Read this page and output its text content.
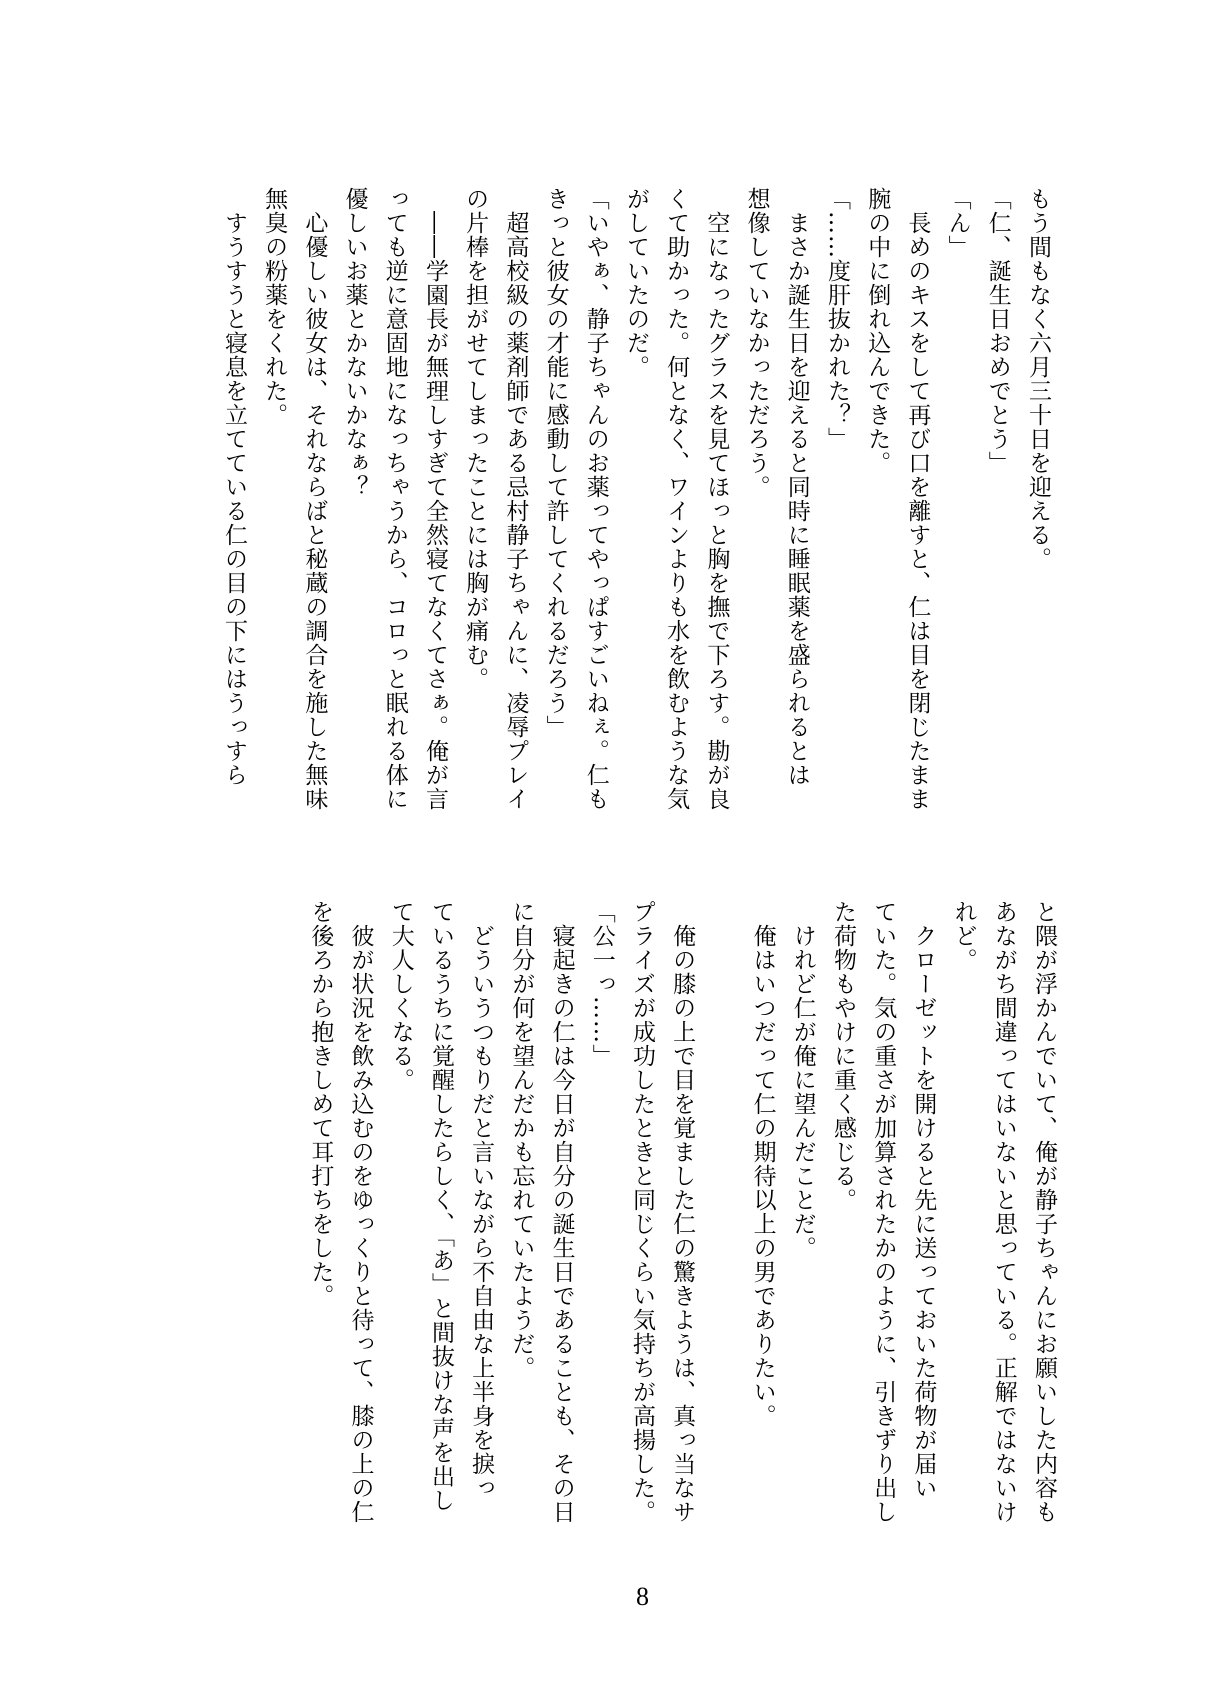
もう間もなく六月三十日を迎える。
「仁、誕生日おめでとう」
「ん」
　長めのキスをして再び口を離すと、仁は目を閉じたまま
腕の中に倒れ込んできた。
「……度肝抜かれた？」
　まさか誕生日を迎えると同時に睡眠薬を盛られるとは
想像していなかっただろう。
　空になったグラスを見てほっと胸を撫で下ろす。勘が良
くて助かった。何となく、ワインよりも水を飲むような気
がしていたのだ。
「いやぁ、静子ちゃんのお薬ってやっぱすごいねぇ。仁も
きっと彼女の才能に感動して許してくれるだろう」
　超高校級の薬剤師である忌村静子ちゃんに、凌辱プレイ
の片棒を担がせてしまったことには胸が痛む。
　――学園長が無理しすぎて全然寝てなくてさぁ。俺が言
っても逆に意固地になっちゃうから、コロっと眠れる体に
優しいお薬とかないかなぁ？
　心優しい彼女は、それならばと秘蔵の調合を施した無味
無臭の粉薬をくれた。
　すうすうと寝息を立てている仁の目の下にはうっすら
と隈が浮かんでいて、俺が静子ちゃんにお願いした内容も
あながち間違ってはいないと思っている。正解ではないけ
れど。
　クローゼットを開けると先に送っておいた荷物が届い
ていた。気の重さが加算されたかのように、引きずり出し
た荷物もやけに重く感じる。
　けれど仁が俺に望んだことだ。
　俺はいつだって仁の期待以上の男でありたい。

　俺の膝の上で目を覚ました仁の驚きようは、真っ当なサ
プライズが成功したときと同じくらい気持ちが高揚した。
「公一っ……」
　寝起きの仁は今日が自分の誕生日であることも、その日
に自分が何を望んだかも忘れていたようだ。
　どういうつもりだと言いながら不自由な上半身を捩っ
ているうちに覚醒したらしく、「あ」と間抜けな声を出し
て大人しくなる。
　彼が状況を飲み込むのをゆっくりと待って、膝の上の仁
を後ろから抱きしめて耳打ちをした。
8
